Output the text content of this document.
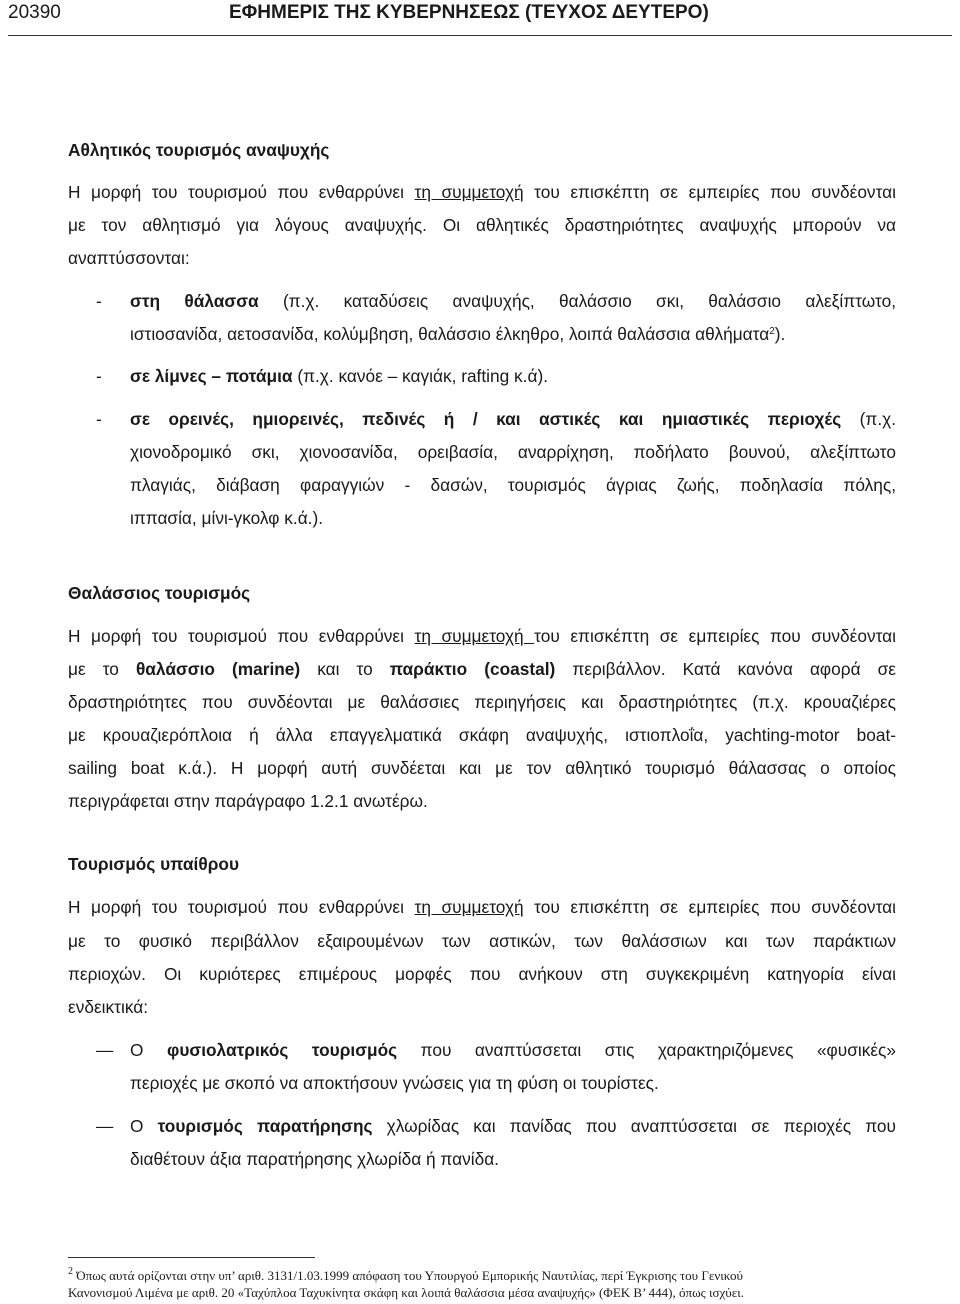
20390	ΕΦΗΜΕΡΙΣ ΤΗΣ ΚΥΒΕΡΝΗΣΕΩΣ (ΤΕΥΧΟΣ ΔΕΥΤΕΡΟ)
Αθλητικός τουρισμός αναψυχής
Η μορφή του τουρισμού που ενθαρρύνει τη συμμετοχή του επισκέπτη σε εμπειρίες που συνδέονται
με τον αθλητισμό για λόγους αναψυχής. Οι αθλητικές δραστηριότητες αναψυχής μπορούν να
αναπτύσσονται:
- στη θάλασσα (π.χ. καταδύσεις αναψυχής, θαλάσσιο σκι, θαλάσσιο αλεξίπτωτο,
ιστιοσανίδα, αετοσανίδα, κολύμβηση, θαλάσσιο έλκηθρο, λοιπά θαλάσσια αθλήματα$^2$).
- σε λίμνες – ποτάμια (π.χ. κανόε – καγιάκ, rafting κ.ά).
- σε ορεινές, ημιορεινές, πεδινές ή / και αστικές και ημιαστικές περιοχές (π.χ.
χιονοδρομικό σκι, χιονοσανίδα, ορειβασία, αναρρίχηση, ποδήλατο βουνού, αλεξίπτωτο
πλαγιάς, διάβαση φαραγγιών - δασών, τουρισμός άγριας ζωής, ποδηλασία πόλης,
ιππασία, μίνι-γκολφ κ.ά.).
Θαλάσσιος τουρισμός
Η μορφή του τουρισμού που ενθαρρύνει τη συμμετοχή του επισκέπτη σε εμπειρίες που συνδέονται
με το θαλάσσιο (marine) και το παράκτιο (coastal) περιβάλλον. Κατά κανόνα αφορά σε
δραστηριότητες που συνδέονται με θαλάσσιες περιηγήσεις και δραστηριότητες (π.χ. κρουαζιέρες
με κρουαζιερόπλοια ή άλλα επαγγελματικά σκάφη αναψυχής, ιστιοπλοΐα, yachting-motor boat-
sailing boat κ.ά.). Η μορφή αυτή συνδέεται και με τον αθλητικό τουρισμό θάλασσας ο οποίος
περιγράφεται στην παράγραφο 1.2.1 ανωτέρω.
Τουρισμός υπαίθρου
Η μορφή του τουρισμού που ενθαρρύνει τη συμμετοχή του επισκέπτη σε εμπειρίες που συνδέονται
με το φυσικό περιβάλλον εξαιρουμένων των αστικών, των θαλάσσιων και των παράκτιων
περιοχών. Οι κυριότερες επιμέρους μορφές που ανήκουν στη συγκεκριμένη κατηγορία είναι
ενδεικτικά:
— Ο φυσιολατρικός τουρισμός που αναπτύσσεται στις χαρακτηριζόμενες «φυσικές»
περιοχές με σκοπό να αποκτήσουν γνώσεις για τη φύση οι τουρίστες.
— Ο τουρισμός παρατήρησης χλωρίδας και πανίδας που αναπτύσσεται σε περιοχές που
διαθέτουν άξια παρατήρησης χλωρίδα ή πανίδα.
$^2$ Όπως αυτά ορίζονται στην υπ’ αριθ. 3131/1.03.1999 απόφαση του Υπουργού Εμπορικής Ναυτιλίας, περί Έγκρισης του Γενικού
Κανονισμού Λιμένα με αριθ. 20 «Ταχύπλοα Ταχυκίνητα σκάφη και λοιπά θαλάσσια μέσα αναψυχής» (ΦΕΚ Β’ 444), όπως ισχύει.
